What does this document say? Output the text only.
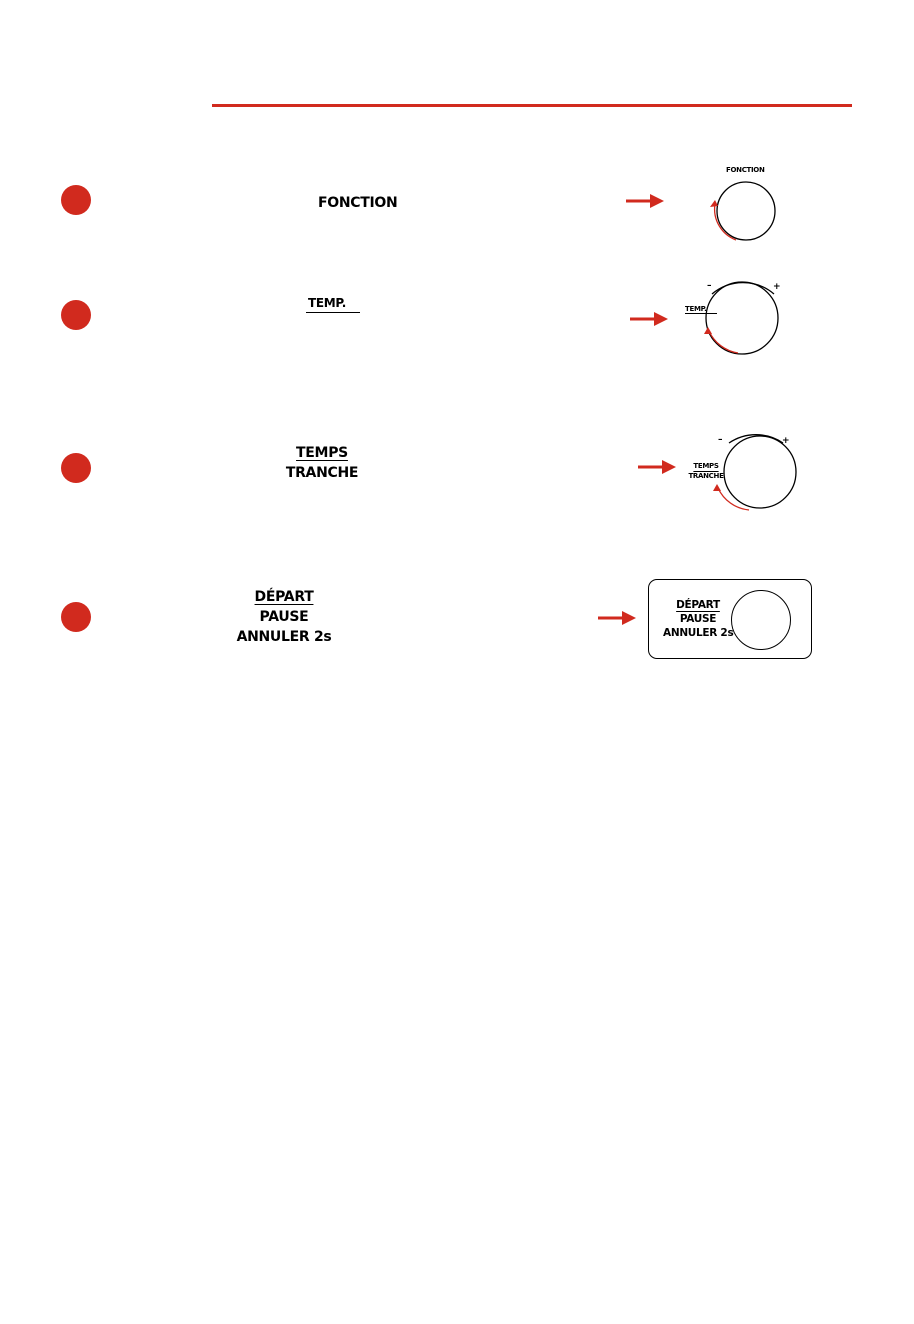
FONCTION
FONCTION
TEMP.
–	+
TEMP.
TEMPS
TRANCHE
–	+
TEMPS
TRANCHE
DÉPART
PAUSE
ANNULER 2s
DÉPART
PAUSE
ANNULER 2s
